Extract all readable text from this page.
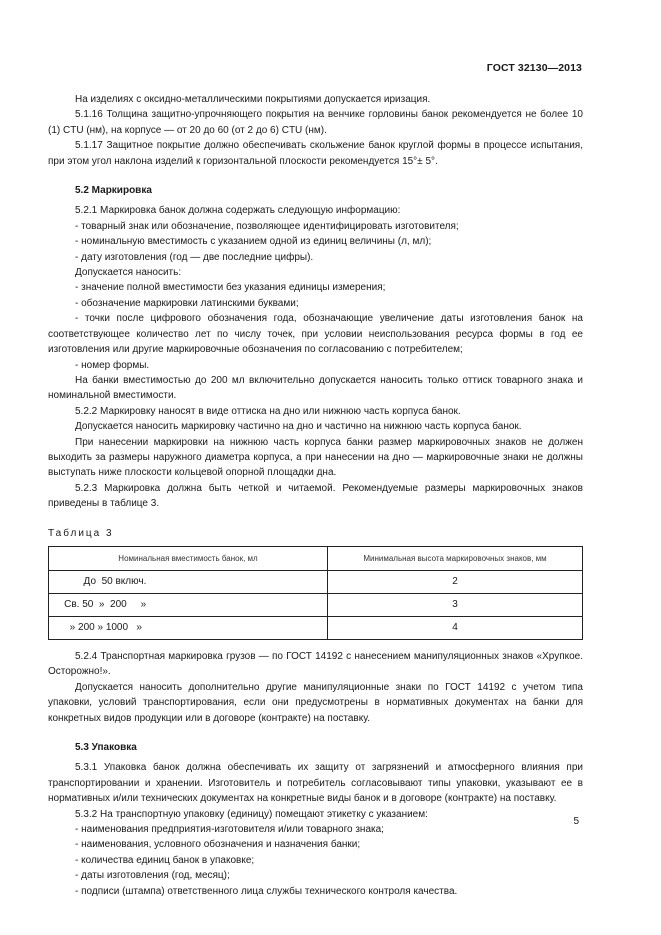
ГОСТ 32130—2013
На изделиях с оксидно-металлическими покрытиями допускается иризация.
5.1.16 Толщина защитно-упрочняющего покрытия на венчике горловины банок рекомендуется не более 10 (1) CTU (нм), на корпусе — от 20 до 60 (от 2 до 6) CTU (нм).
5.1.17 Защитное покрытие должно обеспечивать скольжение банок круглой формы в процессе испытания, при этом угол наклона изделий к горизонтальной плоскости рекомендуется 15°± 5°.
5.2 Маркировка
5.2.1 Маркировка банок должна содержать следующую информацию:
- товарный знак или обозначение, позволяющее идентифицировать изготовителя;
- номинальную вместимость с указанием одной из единиц величины (л, мл);
- дату изготовления (год — две последние цифры).
Допускается наносить:
- значение полной вместимости без указания единицы измерения;
- обозначение маркировки латинскими буквами;
- точки после цифрового обозначения года, обозначающие увеличение даты изготовления банок на соответствующее количество лет по числу точек, при условии неиспользования ресурса формы в год ее изготовления или другие маркировочные обозначения по согласованию с потребителем;
- номер формы.
На банки вместимостью до 200 мл включительно допускается наносить только оттиск товарного знака и номинальной вместимости.
5.2.2 Маркировку наносят в виде оттиска на дно или нижнюю часть корпуса банок.
Допускается наносить маркировку частично на дно и частично на нижнюю часть корпуса банок.
При нанесении маркировки на нижнюю часть корпуса банки размер маркировочных знаков не должен выходить за размеры наружного диаметра корпуса, а при нанесении на дно — маркировочные знаки не должны выступать ниже плоскости кольцевой опорной площадки дна.
5.2.3 Маркировка должна быть четкой и читаемой. Рекомендуемые размеры маркировочных знаков приведены в таблице 3.
Таблица 3
Номинальная вместимость банок, мл	Минимальная высота маркировочных знаков, мм
До  50 включ.	2
Св. 50  »  200     »	3
» 200 » 1000   »	4
5.2.4 Транспортная маркировка грузов — по ГОСТ 14192 с нанесением манипуляционных знаков «Хрупкое. Осторожно!».
Допускается наносить дополнительно другие манипуляционные знаки по ГОСТ 14192 с учетом типа упаковки, условий транспортирования, если они предусмотрены в нормативных документах на банки для конкретных видов продукции или в договоре (контракте) на поставку.
5.3 Упаковка
5.3.1 Упаковка банок должна обеспечивать их защиту от загрязнений и атмосферного влияния при транспортировании и хранении. Изготовитель и потребитель согласовывают типы упаковки, указывают ее в нормативных и/или технических документах на конкретные виды банок и в договоре (контракте) на поставку.
5.3.2 На транспортную упаковку (единицу) помещают этикетку с указанием:
- наименования предприятия-изготовителя и/или товарного знака;
- наименования, условного обозначения и назначения банки;
- количества единиц банок в упаковке;
- даты изготовления (год, месяц);
- подписи (штампа) ответственного лица службы технического контроля качества.
5
